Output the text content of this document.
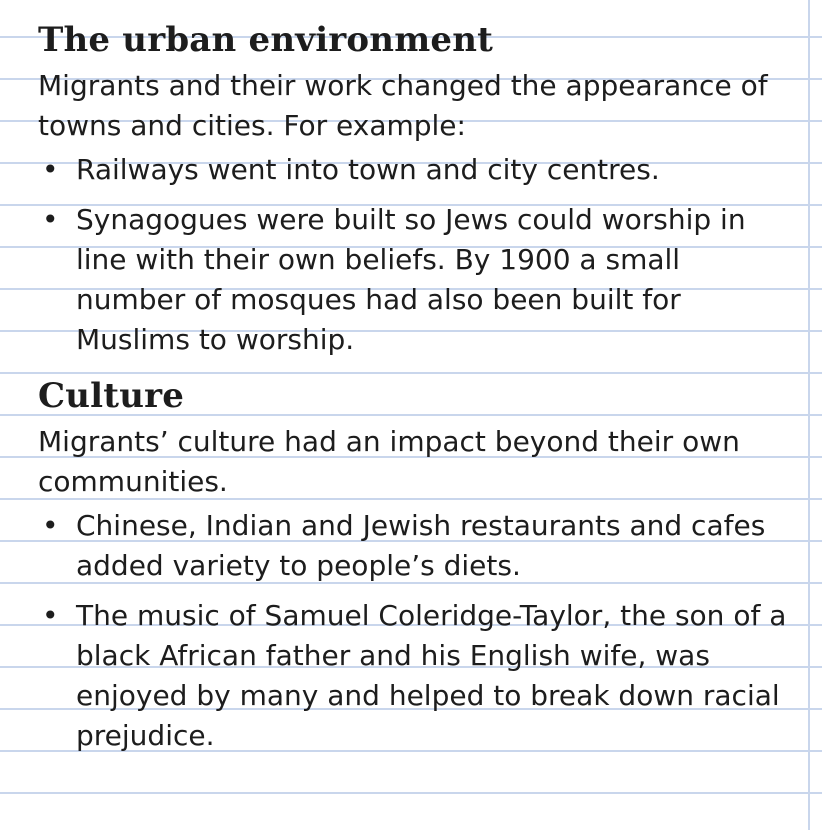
The urban environment

Migrants and their work changed the appearance of towns and cities. For example:

• Railways went into town and city centres.
• Synagogues were built so Jews could worship in line with their own beliefs. By 1900 a small number of mosques had also been built for Muslims to worship.
Culture

Migrants’ culture had an impact beyond their own communities.

• Chinese, Indian and Jewish restaurants and cafes added variety to people’s diets.
• The music of Samuel Coleridge-Taylor, the son of a black African father and his English wife, was enjoyed by many and helped to break down racial prejudice.
